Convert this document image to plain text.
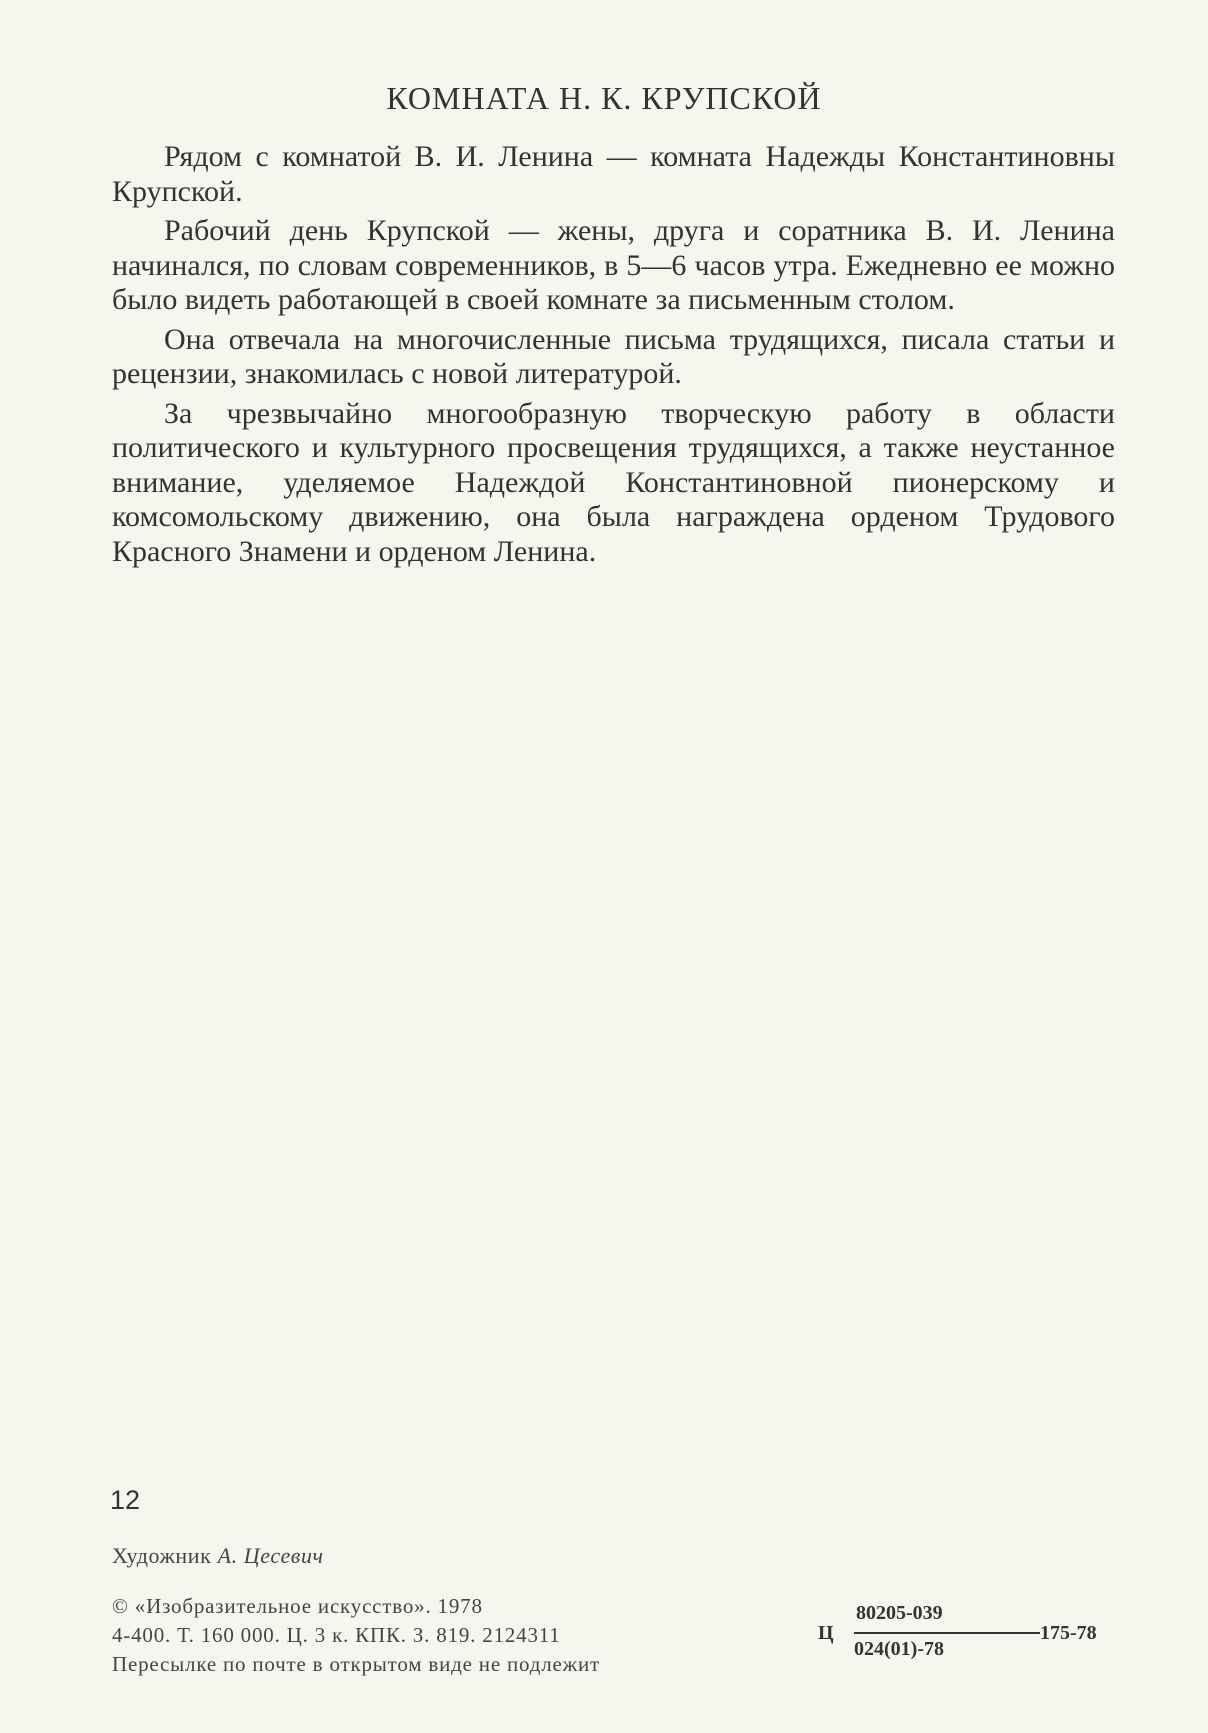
КОМНАТА Н. К. КРУПСКОЙ

Рядом с комнатой В. И. Ленина — комната Надежды Константиновны Крупской.

Рабочий день Крупской — жены, друга и соратника В. И. Ленина начинался, по словам современников, в 5—6 часов утра. Ежедневно ее можно было видеть работающей в своей комнате за письменным столом.

Она отвечала на многочисленные письма трудящихся, писала статьи и рецензии, знакомилась с новой литературой.

За чрезвычайно многообразную творческую работу в области политического и культурного просвещения трудящихся, а также неустанное внимание, уделяемое Надеждой Константиновной пионерскому и комсомольскому движению, она была награждена орденом Трудового Красного Знамени и орденом Ленина.

12
Художник А. Цесевич
© «Изобразительное искусство». 1978
4-400. Т. 160 000. Ц. 3 к. КПК. З. 819. 2124311
Пересылке по почте в открытом виде не подлежит
Ц
80205-039
024(01)-78
175-78
